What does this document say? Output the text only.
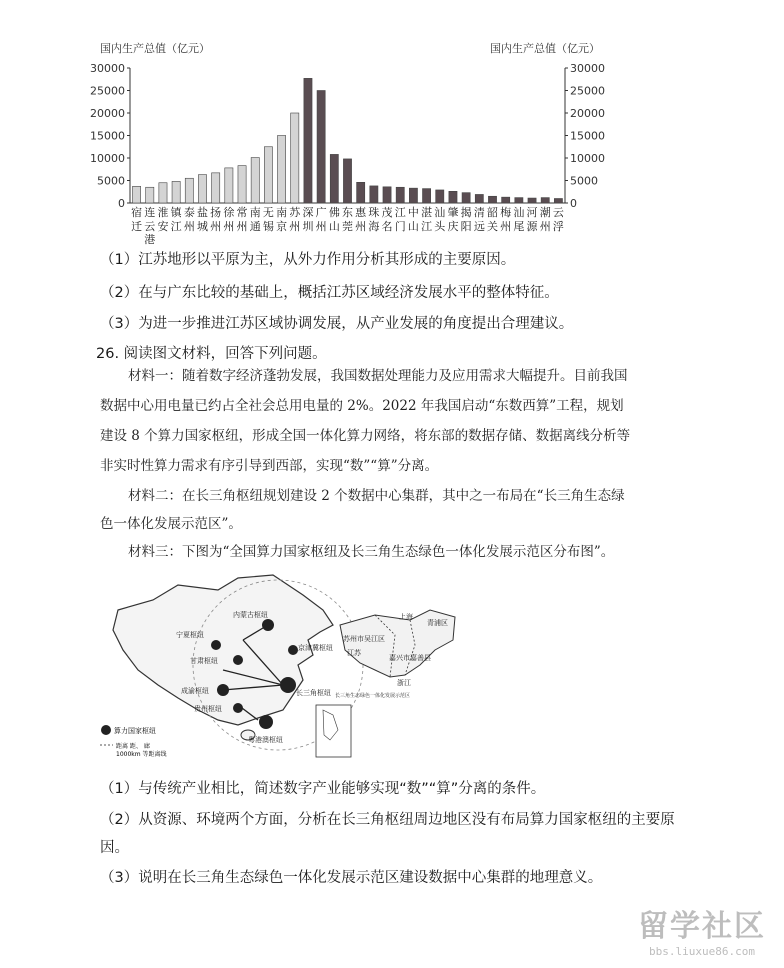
国内生产总值（亿元）	国内生产总值（亿元）
0	0
5000	5000
10000	10000
15000	15000
20000	20000
25000	25000
30000	30000
宿
迁
连
云
港
淮
安
镇
江
泰
州
盐
城
扬
州
徐
州
常
州
南
通
无
锡
南
京
苏
州
深
圳
广
州
佛
山
东
莞
惠
州
珠
海
茂
名
江
门
中
山
湛
江
汕
头
肇
庆
揭
阳
清
远
韶
关
梅
州
汕
尾
河
源
潮
州
云
浮
（1）江苏地形以平原为主，从外力作用分析其形成的主要原因。
（2）在与广东比较的基础上，概括江苏区域经济发展水平的整体特征。
（3）为进一步推进江苏区域协调发展，从产业发展的角度提出合理建议。
26. 阅读图文材料，回答下列问题。
材料一：随着数字经济蓬勃发展，我国数据处理能力及应用需求大幅提升。目前我国
数据中心用电量已约占全社会总用电量的 2%。2022 年我国启动“东数西算”工程，规划
建设 8 个算力国家枢纽，形成全国一体化算力网络，将东部的数据存储、数据离线分析等
非实时性算力需求有序引导到西部，实现“数”“算”分离。
材料二：在长三角枢纽规划建设 2 个数据中心集群，其中之一布局在“长三角生态绿
色一体化发展示范区”。
材料三：下图为“全国算力国家枢纽及长三角生态绿色一体化发展示范区分布图”。
内蒙古枢纽
宁夏枢纽
甘肃枢纽
成渝枢纽
贵州枢纽
京津冀枢纽
长三角枢纽
粤港澳枢纽
算力国家枢纽
距离 距、 廊
1000km 等距离线
青浦区
上海
苏州市吴江区
江苏
嘉兴市嘉善县
浙江
长三角生态绿色一体化发展示范区
（1）与传统产业相比，简述数字产业能够实现“数”“算”分离的条件。
（2）从资源、环境两个方面，分析在长三角枢纽周边地区没有布局算力国家枢纽的主要原
因。
（3）说明在长三角生态绿色一体化发展示范区建设数据中心集群的地理意义。
留学社区
bbs.liuxue86.com
